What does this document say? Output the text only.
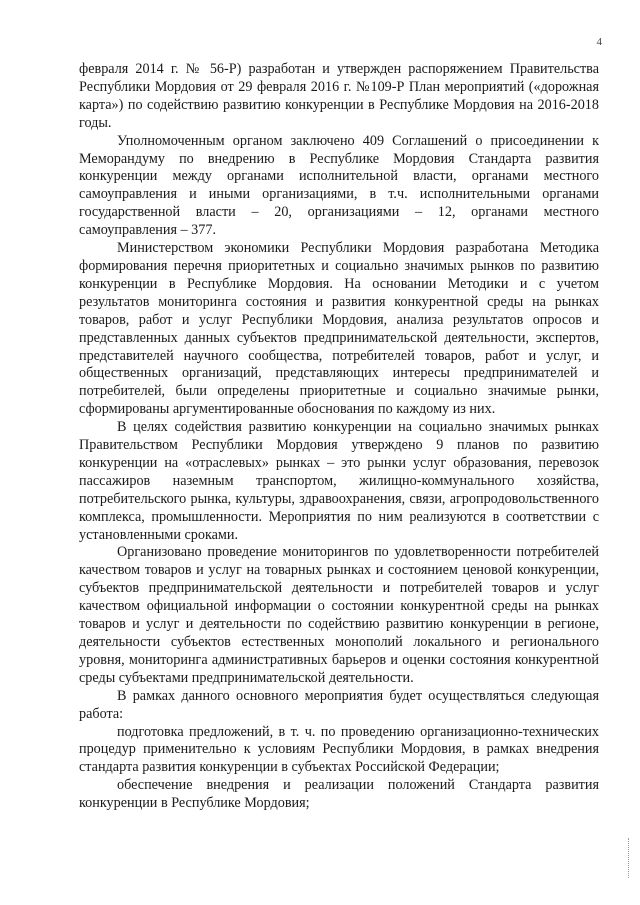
4

февраля 2014 г. № 56-Р) разработан и утвержден распоряжением Правительства Республики Мордовия от 29 февраля 2016 г. №109-Р План мероприятий («дорожная карта») по содействию развитию конкуренции в Республике Мордовия на 2016-2018 годы.

Уполномоченным органом заключено 409 Соглашений о присоединении к Меморандуму по внедрению в Республике Мордовия Стандарта развития конкуренции между органами исполнительной власти, органами местного самоуправления и иными организациями, в т.ч. исполнительными органами государственной власти – 20, организациями – 12, органами местного самоуправления – 377.

Министерством экономики Республики Мордовия разработана Методика формирования перечня приоритетных и социально значимых рынков по развитию конкуренции в Республике Мордовия. На основании Методики и с учетом результатов мониторинга состояния и развития конкурентной среды на рынках товаров, работ и услуг Республики Мордовия, анализа результатов опросов и представленных данных субъектов предпринимательской деятельности, экспертов, представителей научного сообщества, потребителей товаров, работ и услуг, и общественных организаций, представляющих интересы предпринимателей и потребителей, были определены приоритетные и социально значимые рынки, сформированы аргументированные обоснования по каждому из них.

В целях содействия развитию конкуренции на социально значимых рынках Правительством Республики Мордовия утверждено 9 планов по развитию конкуренции на «отраслевых» рынках – это рынки услуг образования, перевозок пассажиров наземным транспортом, жилищно-коммунального хозяйства, потребительского рынка, культуры, здравоохранения, связи, агропродовольственного комплекса, промышленности. Мероприятия по ним реализуются в соответствии с установленными сроками.

Организовано проведение мониторингов по удовлетворенности потребителей качеством товаров и услуг на товарных рынках и состоянием ценовой конкуренции, субъектов предпринимательской деятельности и потребителей товаров и услуг качеством официальной информации о состоянии конкурентной среды на рынках товаров и услуг и деятельности по содействию развитию конкуренции в регионе, деятельности субъектов естественных монополий локального и регионального уровня, мониторинга административных барьеров и оценки состояния конкурентной среды субъектами предпринимательской деятельности.

В рамках данного основного мероприятия будет осуществляться следующая работа:

подготовка предложений, в т. ч. по проведению организационно-технических процедур применительно к условиям Республики Мордовия, в рамках внедрения стандарта развития конкуренции в субъектах Российской Федерации;

обеспечение внедрения и реализации положений Стандарта развития конкуренции в Республике Мордовия;
